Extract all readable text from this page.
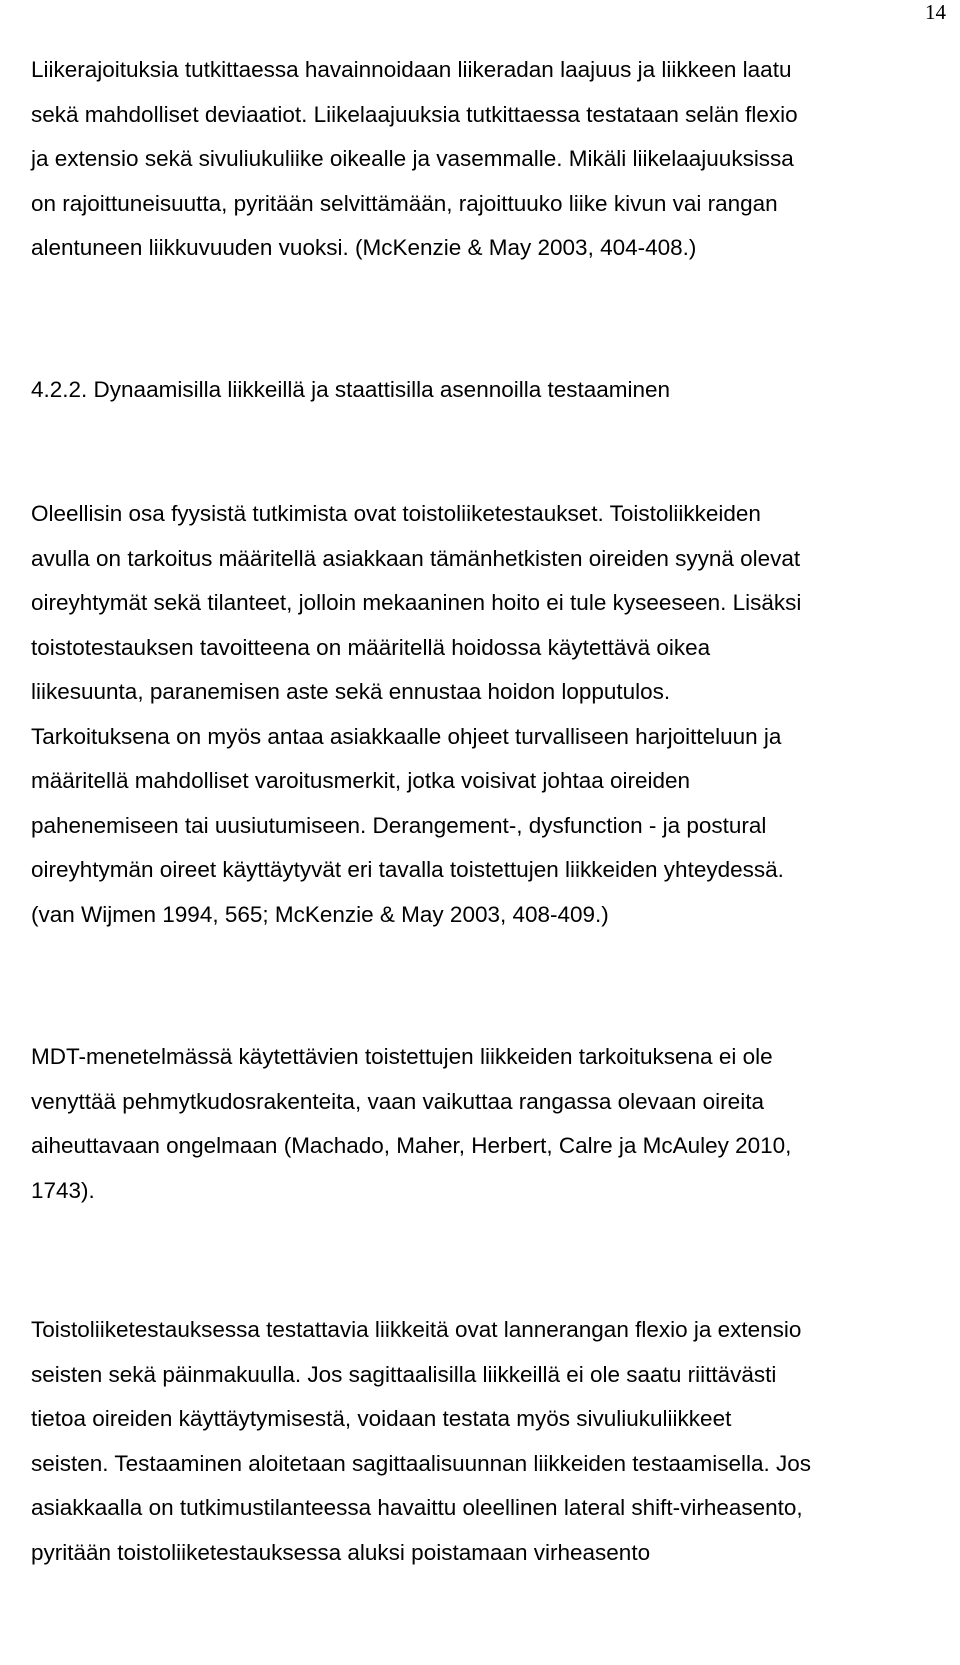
14
Liikerajoituksia tutkittaessa havainnoidaan liikeradan laajuus ja liikkeen laatu
sekä mahdolliset deviaatiot. Liikelaajuuksia tutkittaessa testataan selän flexio
ja extensio sekä sivuliukuliike oikealle ja vasemmalle. Mikäli liikelaajuuksissa
on rajoittuneisuutta, pyritään selvittämään, rajoittuuko liike kivun vai rangan
alentuneen liikkuvuuden vuoksi. (McKenzie & May 2003, 404-408.)
4.2.2. Dynaamisilla liikkeillä ja staattisilla asennoilla testaaminen
Oleellisin osa fyysistä tutkimista ovat toistoliiketestaukset. Toistoliikkeiden
avulla on tarkoitus määritellä asiakkaan tämänhetkisten oireiden syynä olevat
oireyhtymät sekä tilanteet, jolloin mekaaninen hoito ei tule kyseeseen. Lisäksi
toistotestauksen tavoitteena on määritellä hoidossa käytettävä oikea
liikesuunta, paranemisen aste sekä ennustaa hoidon lopputulos.
Tarkoituksena on myös antaa asiakkaalle ohjeet turvalliseen harjoitteluun ja
määritellä mahdolliset varoitusmerkit, jotka voisivat johtaa oireiden
pahenemiseen tai uusiutumiseen. Derangement-, dysfunction - ja postural
oireyhtymän oireet käyttäytyvät eri tavalla toistettujen liikkeiden yhteydessä.
(van Wijmen 1994, 565; McKenzie & May 2003, 408-409.)
MDT-menetelmässä käytettävien toistettujen liikkeiden tarkoituksena ei ole
venyttää pehmytkudosrakenteita, vaan vaikuttaa rangassa olevaan oireita
aiheuttavaan ongelmaan (Machado, Maher, Herbert, Calre ja McAuley 2010,
1743).
Toistoliiketestauksessa testattavia liikkeitä ovat lannerangan flexio ja extensio
seisten sekä päinmakuulla. Jos sagittaalisilla liikkeillä ei ole saatu riittävästi
tietoa oireiden käyttäytymisestä, voidaan testata myös sivuliukuliikkeet
seisten. Testaaminen aloitetaan sagittaalisuunnan liikkeiden testaamisella. Jos
asiakkaalla on tutkimustilanteessa havaittu oleellinen lateral shift-virheasento,
pyritään toistoliiketestauksessa aluksi poistamaan virheasento
